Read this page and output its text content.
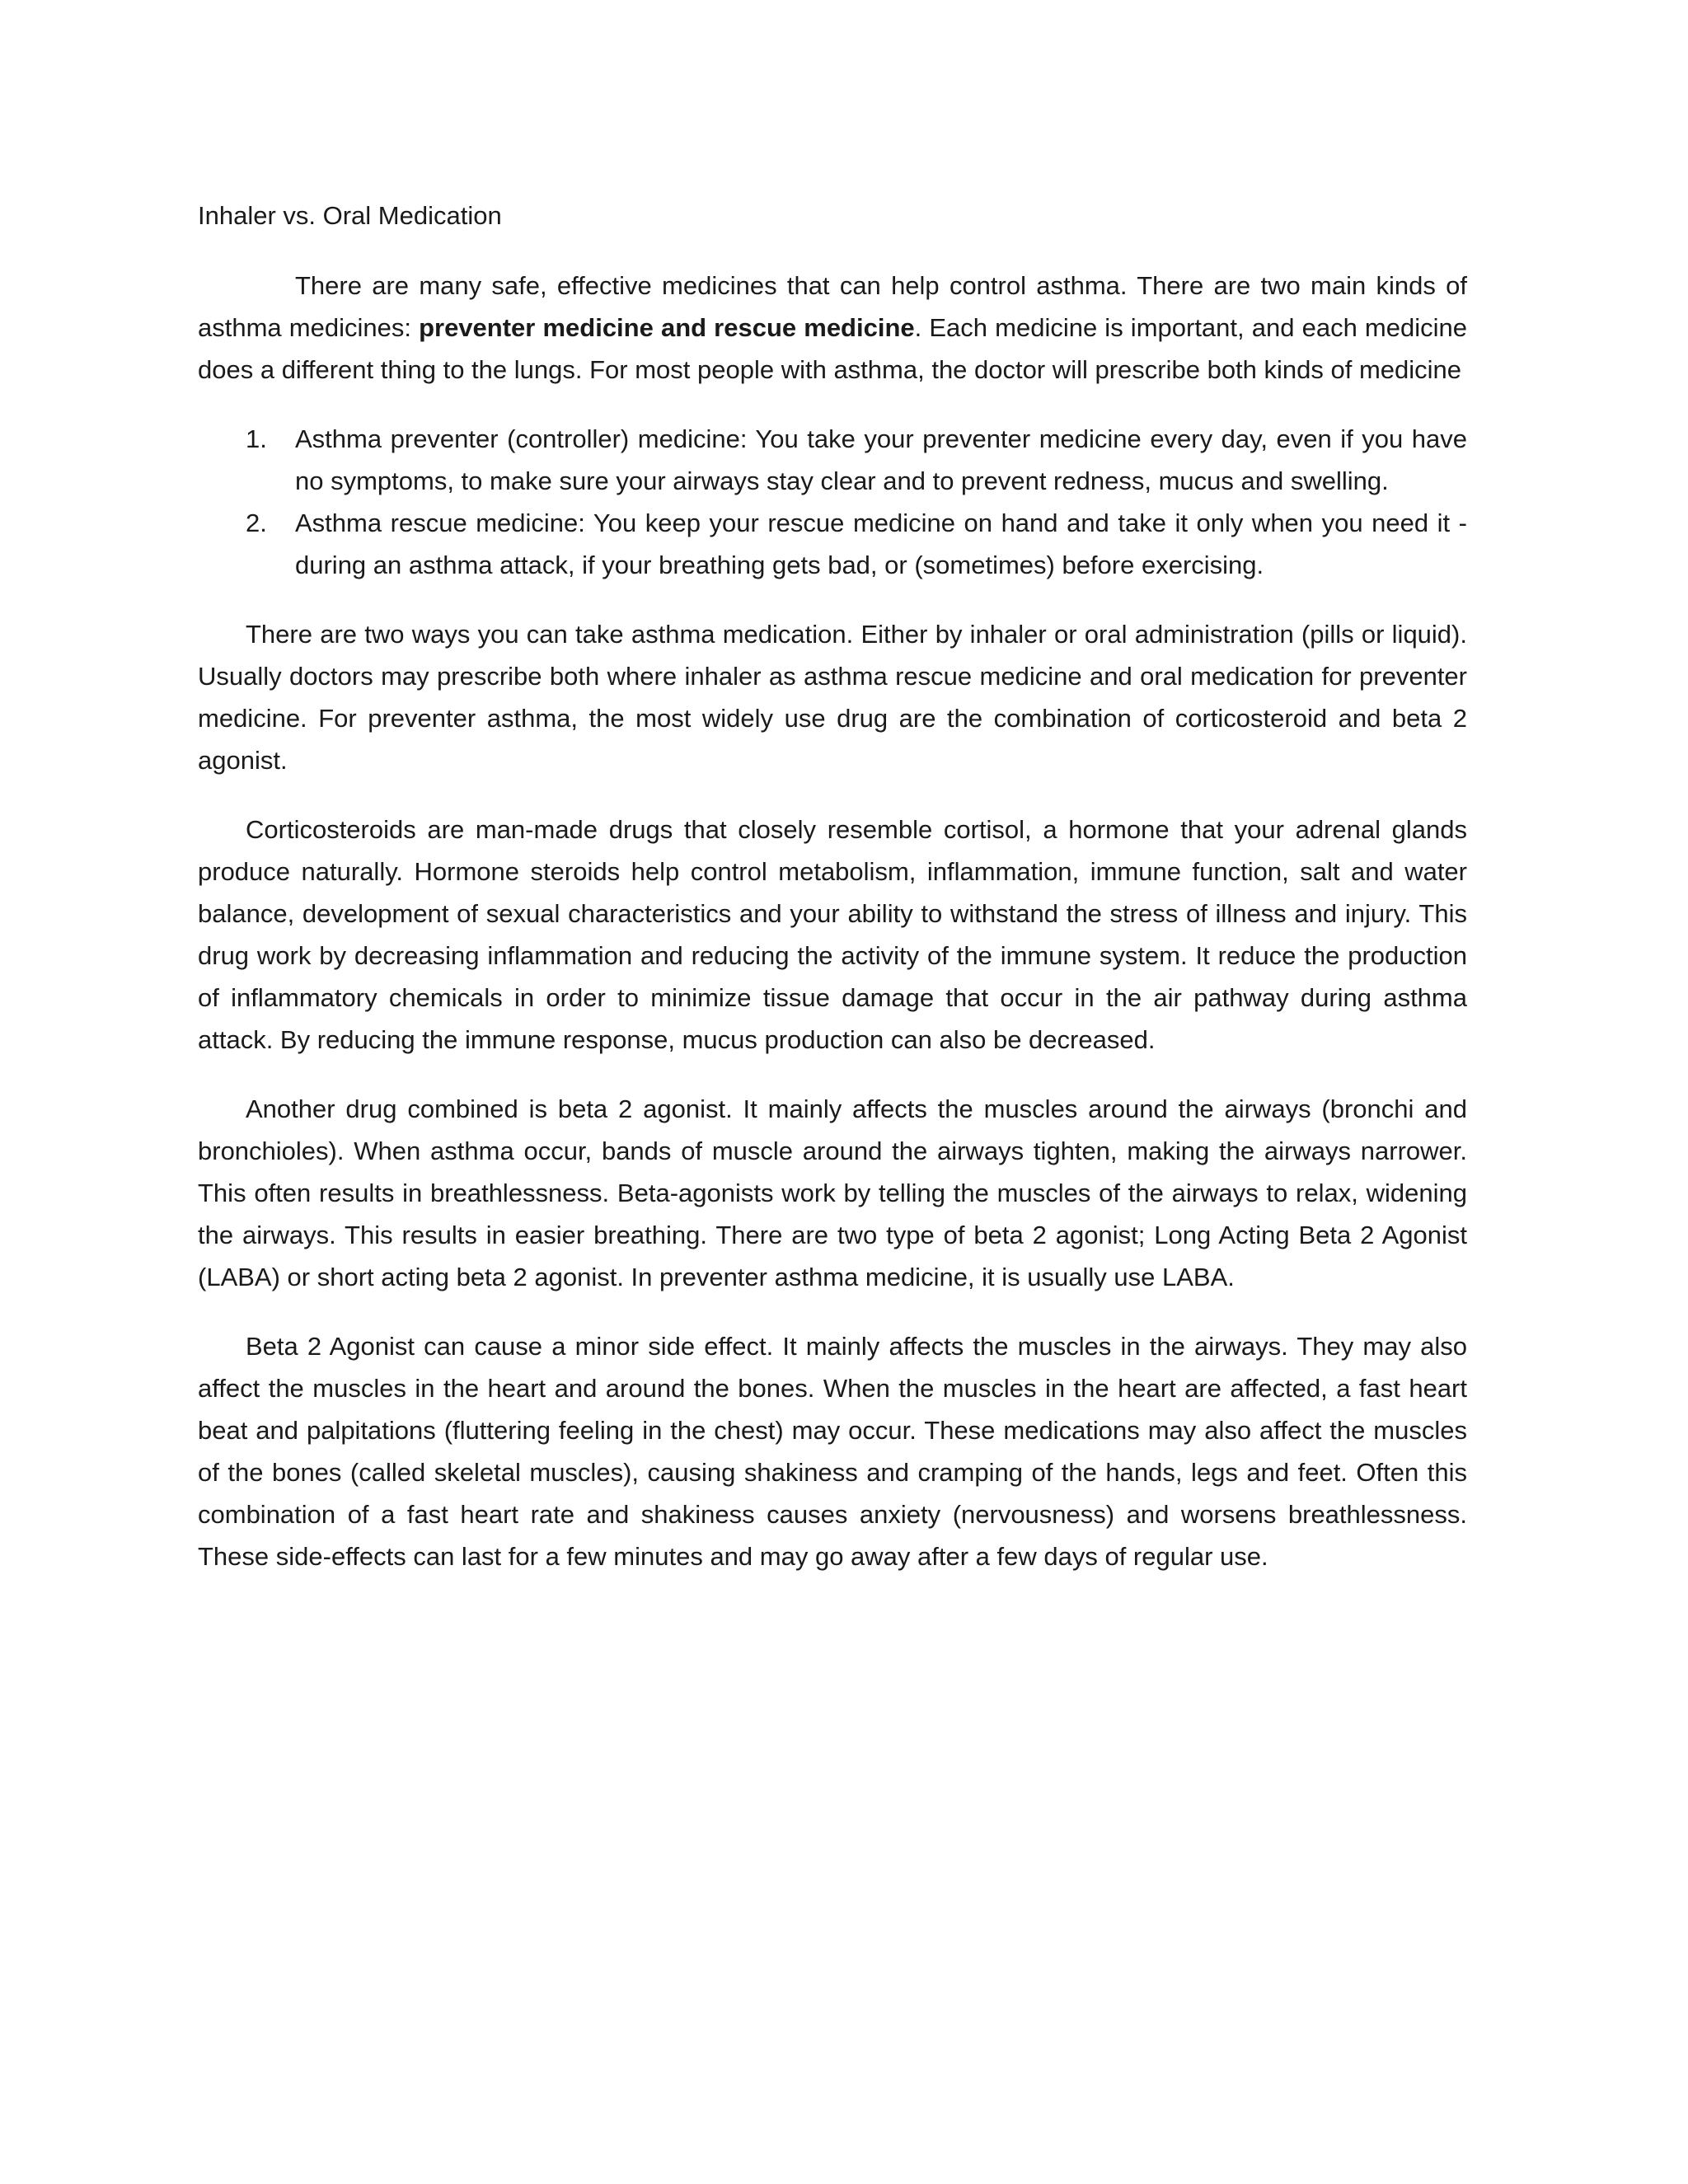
Inhaler vs. Oral Medication

There are many safe, effective medicines that can help control asthma. There are two main kinds of asthma medicines: preventer medicine and rescue medicine. Each medicine is important, and each medicine does a different thing to the lungs. For most people with asthma, the doctor will prescribe both kinds of medicine

1. Asthma preventer (controller) medicine: You take your preventer medicine every day, even if you have no symptoms, to make sure your airways stay clear and to prevent redness, mucus and swelling.
2. Asthma rescue medicine: You keep your rescue medicine on hand and take it only when you need it - during an asthma attack, if your breathing gets bad, or (sometimes) before exercising.

There are two ways you can take asthma medication. Either by inhaler or oral administration (pills or liquid). Usually doctors may prescribe both where inhaler as asthma rescue medicine and oral medication for preventer medicine. For preventer asthma, the most widely use drug are the combination of corticosteroid and beta 2 agonist.

Corticosteroids are man-made drugs that closely resemble cortisol, a hormone that your adrenal glands produce naturally. Hormone steroids help control metabolism, inflammation, immune function, salt and water balance, development of sexual characteristics and your ability to withstand the stress of illness and injury. This drug work by decreasing inflammation and reducing the activity of the immune system. It reduce the production of inflammatory chemicals in order to minimize tissue damage that occur in the air pathway during asthma attack. By reducing the immune response, mucus production can also be decreased.

Another drug combined is beta 2 agonist. It mainly affects the muscles around the airways (bronchi and bronchioles). When asthma occur, bands of muscle around the airways tighten, making the airways narrower. This often results in breathlessness. Beta-agonists work by telling the muscles of the airways to relax, widening the airways. This results in easier breathing. There are two type of beta 2 agonist; Long Acting Beta 2 Agonist (LABA) or short acting beta 2 agonist. In preventer asthma medicine, it is usually use LABA.

Beta 2 Agonist can cause a minor side effect. It mainly affects the muscles in the airways. They may also affect the muscles in the heart and around the bones. When the muscles in the heart are affected, a fast heart beat and palpitations (fluttering feeling in the chest) may occur. These medications may also affect the muscles of the bones (called skeletal muscles), causing shakiness and cramping of the hands, legs and feet. Often this combination of a fast heart rate and shakiness causes anxiety (nervousness) and worsens breathlessness. These side-effects can last for a few minutes and may go away after a few days of regular use.
